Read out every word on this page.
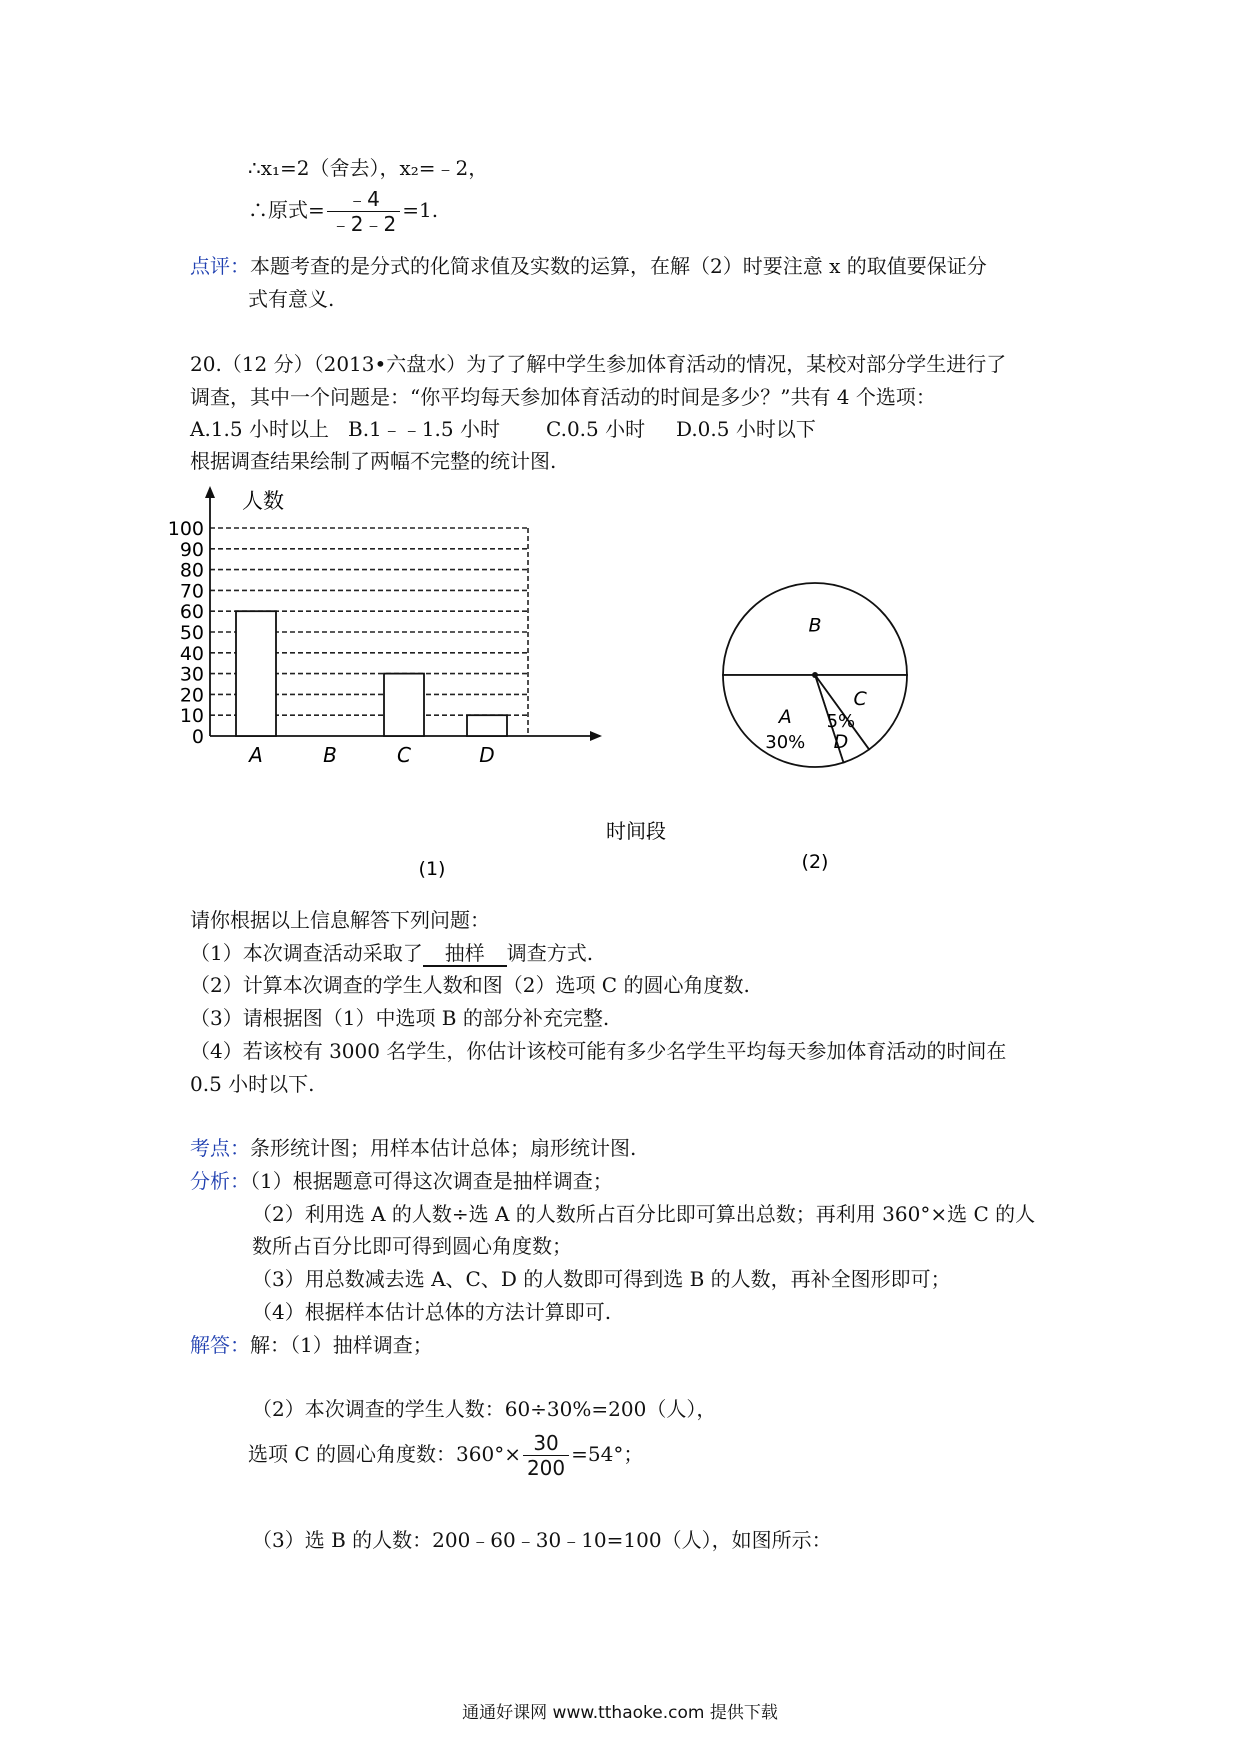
∴x₁=2（舍去），x₂=﹣2，
∴原式= $\frac{﹣4}{﹣2﹣2} =1$.
点评：本题考查的是分式的化简求值及实数的运算，在解（2）时要注意 x 的取值要保证分
式有意义.
20.（12 分）（2013•六盘水）为了了解中学生参加体育活动的情况，某校对部分学生进行了
调查，其中一个问题是：“你平均每天参加体育活动的时间是多少？”共有 4 个选项：
A.1.5 小时以上 B.1﹣﹣1.5 小时 C.0.5 小时 D.0.5 小时以下
根据调查结果绘制了两幅不完整的统计图.
0
10
20
30
40
50
60
70
80
90
100
A	B	C	D
人数
时间段
(1)
B
C
D
5%
A
30%
(2)
请你根据以上信息解答下列问题：
（1）本次调查活动采取了 抽样 调查方式.
（2）计算本次调查的学生人数和图（2）选项 C 的圆心角度数.
（3）请根据图（1）中选项 B 的部分补充完整.
（4）若该校有 3000 名学生，你估计该校可能有多少名学生平均每天参加体育活动的时间在
0.5 小时以下.
考点：条形统计图；用样本估计总体；扇形统计图.
分析：（1）根据题意可得这次调查是抽样调查；
（2）利用选 A 的人数÷选 A 的人数所占百分比即可算出总数；再利用 360°×选 C 的人
数所占百分比即可得到圆心角度数；
（3）用总数减去选 A、C、D 的人数即可得到选 B 的人数，再补全图形即可；
（4）根据样本估计总体的方法计算即可.
解答：解：（1）抽样调查；
（2）本次调查的学生人数：60÷30%=200（人），
选项 C 的圆心角度数：$360^\circ\times \frac{30}{200} =54^\circ$；
（3）选 B 的人数：200﹣60﹣30﹣10=100（人），如图所示：
通通好课网 www.tthaoke.com 提供下载
